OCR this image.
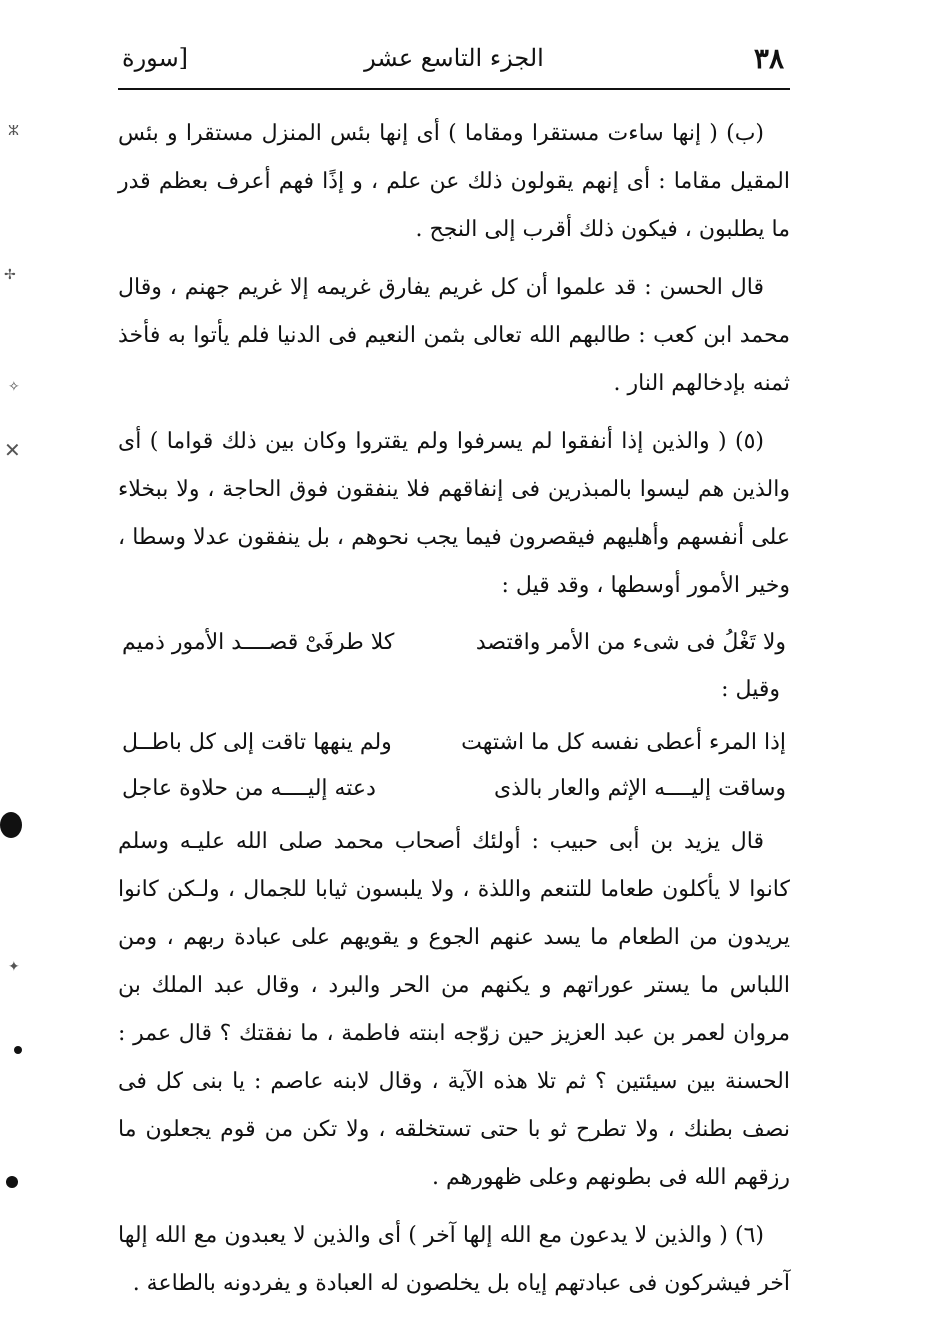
٣٨
الجزء التاسع عشر
[سورة

(ب) ( إنها ساءت مستقرا ومقاما ) أى إنها بئس المنزل مستقرا و بئس المقيل مقاما : أى إنهم يقولون ذلك عن علم ، و إذًا فهم أعرف بعظم قدر ما يطلبون ، فيكون ذلك أقرب إلى النجح .

قال الحسن : قد علموا أن كل غريم يفارق غريمه إلا غريم جهنم ، وقال محمد ابن كعب : طالبهم الله تعالى بثمن النعيم فى الدنيا فلم يأتوا به فأخذ ثمنه بإدخالهم النار .

(٥) ( والذين إذا أنفقوا لم يسرفوا ولم يقتروا وكان بين ذلك قواما ) أى والذين هم ليسوا بالمبذرين فى إنفاقهم فلا ينفقون فوق الحاجة ، ولا ببخلاء على أنفسهم وأهليهم فيقصرون فيما يجب نحوهم ، بل ينفقون عدلا وسطا ، وخير الأمور أوسطها ، وقد قيل :

ولا تَغْلُ فى شىء من الأمر واقتصد
كلا طرفَىْ قصــــد الأمور ذميم

وقيل :

إذا المرء أعطى نفسه كل ما اشتهت
ولم ينهها تاقت إلى كل باطــل
وساقت إليــــه الإثم والعار بالذى
دعته إليــــه من حلاوة عاجل

قال يزيد بن أبى حبيب : أولئك أصحاب محمد صلى الله عليـه وسلم كانوا لا يأكلون طعاما للتنعم واللذة ، ولا يلبسون ثيابا للجمال ، ولـكن كانوا يريدون من الطعام ما يسد عنهم الجوع و يقويهم على عبادة ربهم ، ومن اللباس ما يستر عوراتهم و يكنهم من الحر والبرد ، وقال عبد الملك بن مروان لعمر بن عبد العزيز حين زوّجه ابنته فاطمة ، ما نفقتك ؟ قال عمر : الحسنة بين سيئتين ؟ ثم تلا هذه الآية ، وقال لابنه عاصم : يا بنى كل فى نصف بطنك ، ولا تطرح ثو با حتى تستخلقه ، ولا تكن من قوم يجعلون ما رزقهم الله فى بطونهم وعلى ظهورهم .

(٦) ( والذين لا يدعون مع الله إلها آخر ) أى والذين لا يعبدون مع الله إلها آخر فيشركون فى عبادتهم إياه بل يخلصون له العبادة و يفردونه بالطاعة .

ⵣ
✢
✧
✕
✦
